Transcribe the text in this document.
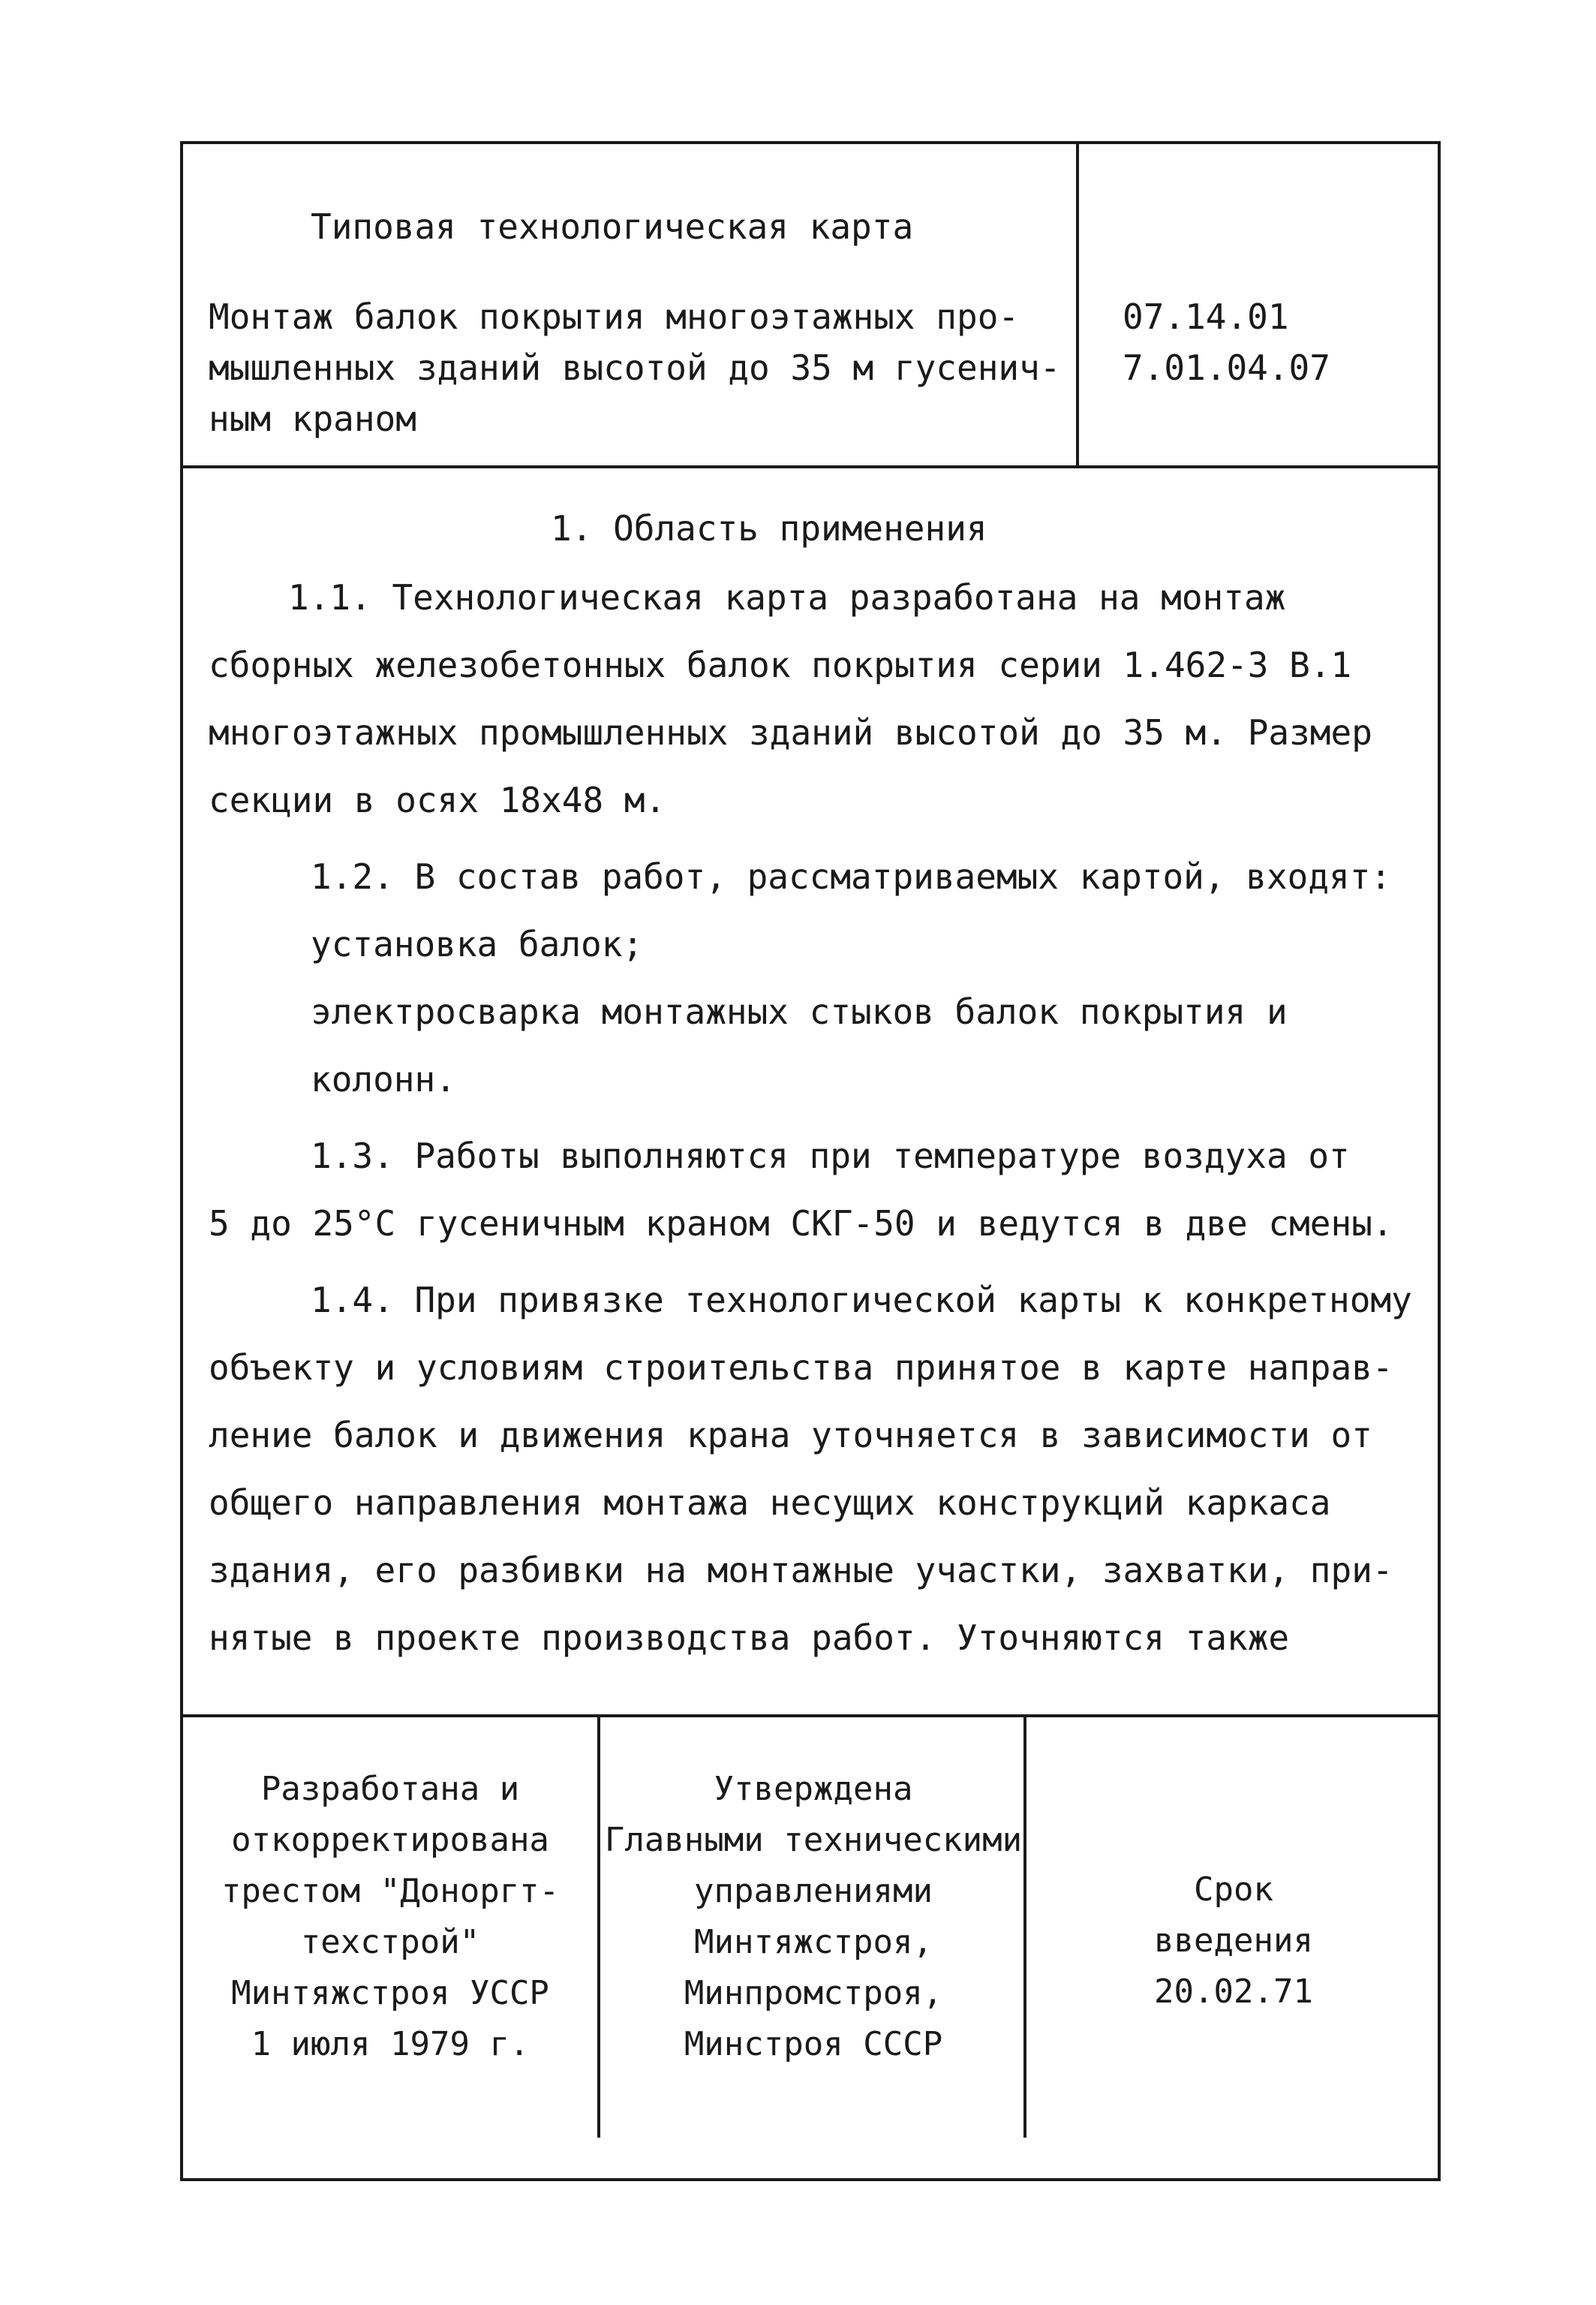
Типовая технологическая карта
Монтаж балок покрытия многоэтажных про-
мышленных зданий высотой до 35 м гусенич-
ным краном
07.14.01
7.01.04.07
1. Область применения
1.1. Технологическая карта разработана на монтаж
сборных железобетонных балок покрытия серии 1.462-3 В.1
многоэтажных промышленных зданий высотой до 35 м. Размер
секции в осях 18х48 м.
1.2. В состав работ, рассматриваемых картой, входят:
установка балок;
электросварка монтажных стыков балок покрытия и
колонн.
1.3. Работы выполняются при температуре воздуха от
5 до 25°С гусеничным краном СКГ-50 и ведутся в две смены.
1.4. При привязке технологической карты к конкретному
объекту и условиям строительства принятое в карте направ-
ление балок и движения крана уточняется в зависимости от
общего направления монтажа несущих конструкций каркаса
здания, его разбивки на монтажные участки, захватки, при-
нятые в проекте производства работ. Уточняются также
Разработана и
откорректирована
трестом "Доноргт-
техстрой"
Минтяжстроя УССР
1 июля 1979 г.
Утверждена
Главными техническими
управлениями
Минтяжстроя,
Минпромстроя,
Минстроя СССР
Срок
введения
20.02.71
